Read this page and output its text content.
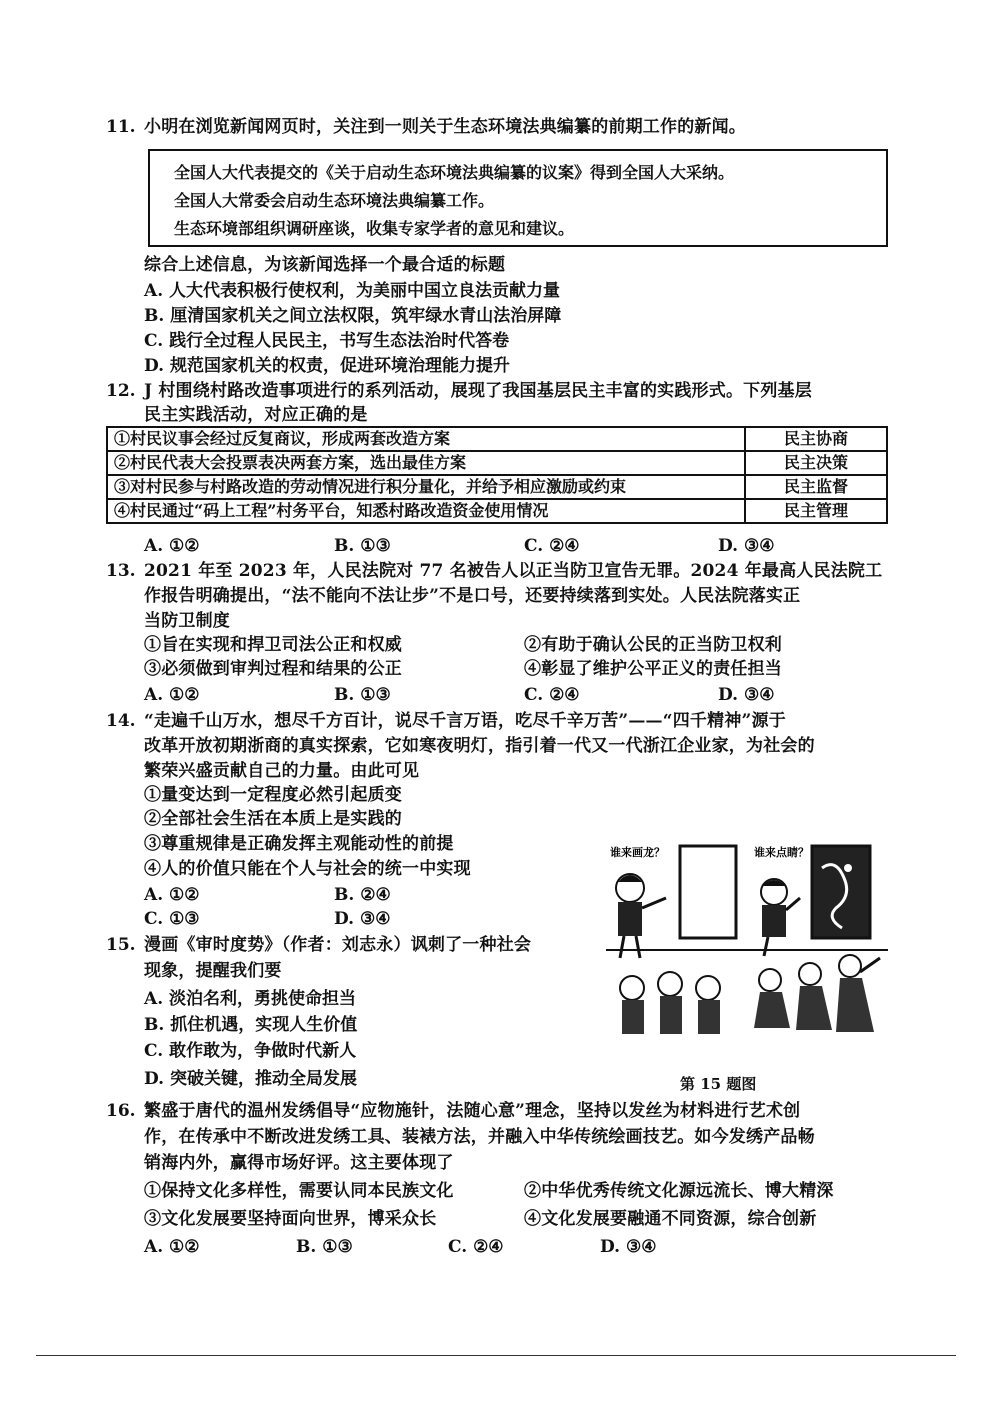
11. 小明在浏览新闻网页时，关注到一则关于生态环境法典编纂的前期工作的新闻。
全国人大代表提交的《关于启动生态环境法典编纂的议案》得到全国人大采纳。
全国人大常委会启动生态环境法典编纂工作。
生态环境部组织调研座谈，收集专家学者的意见和建议。
综合上述信息，为该新闻选择一个最合适的标题
A. 人大代表积极行使权利，为美丽中国立良法贡献力量
B. 厘清国家机关之间立法权限，筑牢绿水青山法治屏障
C. 践行全过程人民民主，书写生态法治时代答卷
D. 规范国家机关的权责，促进环境治理能力提升
12. J 村围绕村路改造事项进行的系列活动，展现了我国基层民主丰富的实践形式。下列基层
民主实践活动，对应正确的是
①村民议事会经过反复商议，形成两套改造方案	民主协商
②村民代表大会投票表决两套方案，选出最佳方案	民主决策
③对村民参与村路改造的劳动情况进行积分量化，并给予相应激励或约束	民主监督
④村民通过“码上工程”村务平台，知悉村路改造资金使用情况	民主管理
A. ①②	B. ①③	C. ②④	D. ③④
13. 2021 年至 2023 年，人民法院对 77 名被告人以正当防卫宣告无罪。2024 年最高人民法院工
作报告明确提出，“法不能向不法让步”不是口号，还要持续落到实处。人民法院落实正
当防卫制度
①旨在实现和捍卫司法公正和权威	②有助于确认公民的正当防卫权利
③必须做到审判过程和结果的公正	④彰显了维护公平正义的责任担当
A. ①②	B. ①③	C. ②④	D. ③④
14. “走遍千山万水，想尽千方百计，说尽千言万语，吃尽千辛万苦”——“四千精神”源于
改革开放初期浙商的真实探索，它如寒夜明灯，指引着一代又一代浙江企业家，为社会的
繁荣兴盛贡献自己的力量。由此可见
①量变达到一定程度必然引起质变
②全部社会生活在本质上是实践的
③尊重规律是正确发挥主观能动性的前提
④人的价值只能在个人与社会的统一中实现
A. ①②	B. ②④
C. ①③	D. ③④
15. 漫画《审时度势》（作者：刘志永）讽刺了一种社会
现象，提醒我们要
A. 淡泊名利，勇挑使命担当
B. 抓住机遇，实现人生价值
C. 敢作敢为，争做时代新人
D. 突破关键，推动全局发展
谁来画龙？	谁来点睛？
第 15 题图
16. 繁盛于唐代的温州发绣倡导“应物施针，法随心意”理念，坚持以发丝为材料进行艺术创
作，在传承中不断改进发绣工具、装裱方法，并融入中华传统绘画技艺。如今发绣产品畅
销海内外，赢得市场好评。这主要体现了
①保持文化多样性，需要认同本民族文化	②中华优秀传统文化源远流长、博大精深
③文化发展要坚持面向世界，博采众长	④文化发展要融通不同资源，综合创新
A. ①②	B. ①③	C. ②④	D. ③④
